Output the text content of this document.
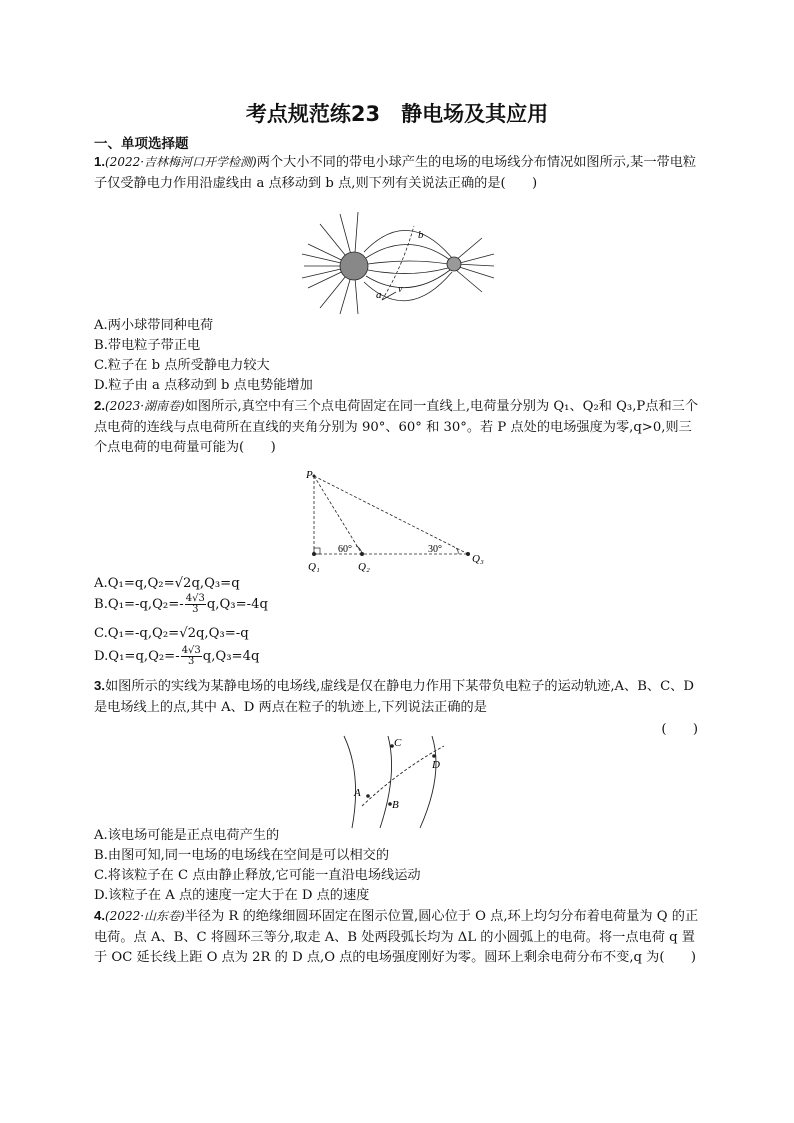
考点规范练23　静电场及其应用
一、单项选择题
1.(2022·吉林梅河口开学检测)两个大小不同的带电小球产生的电场的电场线分布情况如图所示,某一带电粒子仅受静电力作用沿虚线由 a 点移动到 b 点,则下列有关说法正确的是(　　)
b
a v
A.两小球带同种电荷
B.带电粒子带正电
C.粒子在 b 点所受静电力较大
D.粒子由 a 点移动到 b 点电势能增加
2.(2023·湖南卷)如图所示,真空中有三个点电荷固定在同一直线上,电荷量分别为 Q₁、Q₂和 Q₃,P点和三个点电荷的连线与点电荷所在直线的夹角分别为 90°、60° 和 30°。若 P 点处的电场强度为零,q>0,则三个点电荷的电荷量可能为(　　)
P
Q₁	Q₂
Q₃
60°	30°
A.Q₁=q,Q₂=√2q,Q₃=q
$B.Q_1=-q,Q_2=- \frac{4√3}{3} q,Q_3=-4q$
C.Q₁=-q,Q₂=√2q,Q₃=-q
$D.Q_1=q,Q_2=- \frac{4√3}{3} q,Q_3=4q$
3.如图所示的实线为某静电场的电场线,虚线是仅在静电力作用下某带负电粒子的运动轨迹,A、B、C、D 是电场线上的点,其中 A、D 两点在粒子的轨迹上,下列说法正确的是
(　　)
A
B
C
D
A.该电场可能是正点电荷产生的
B.由图可知,同一电场的电场线在空间是可以相交的
C.将该粒子在 C 点由静止释放,它可能一直沿电场线运动
D.该粒子在 A 点的速度一定大于在 D 点的速度
4.(2022·山东卷)半径为 R 的绝缘细圆环固定在图示位置,圆心位于 O 点,环上均匀分布着电荷量为 Q 的正电荷。点 A、B、C 将圆环三等分,取走 A、B 处两段弧长均为 ΔL 的小圆弧上的电荷。将一点电荷 q 置于 OC 延长线上距 O 点为 2R 的 D 点,O 点的电场强度刚好为零。圆环上剩余电荷分布不变,q 为(　　)
